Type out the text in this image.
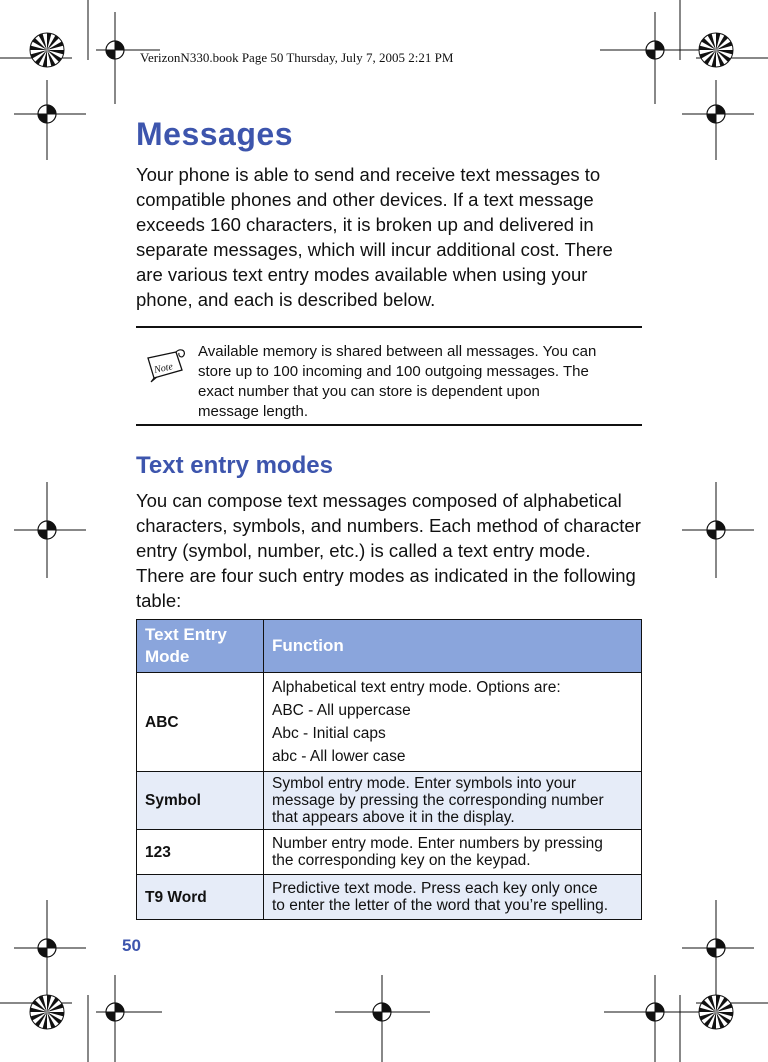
VerizonN330.book Page 50 Thursday, July 7, 2005 2:21 PM
Messages

Your phone is able to send and receive text messages to
compatible phones and other devices. If a text message
exceeds 160 characters, it is broken up and delivered in
separate messages, which will incur additional cost. There
are various text entry modes available when using your
phone, and each is described below.

Note
Available memory is shared between all messages. You can
store up to 100 incoming and 100 outgoing messages. The
exact number that you can store is dependent upon
message length.
Text entry modes

You can compose text messages composed of alphabetical
characters, symbols, and numbers. Each method of character
entry (symbol, number, etc.) is called a text entry mode.
There are four such entry modes as indicated in the following
table:

Text Entry Mode	Function
ABC	Alphabetical text entry mode. Options are:
ABC - All uppercase
Abc - Initial caps
abc - All lower case

Symbol	Symbol entry mode. Enter symbols into your
message by pressing the corresponding number
that appears above it in the display.
123	Number entry mode. Enter numbers by pressing
the corresponding key on the keypad.
T9 Word	Predictive text mode. Press each key only once
to enter the letter of the word that you’re spelling.
50
